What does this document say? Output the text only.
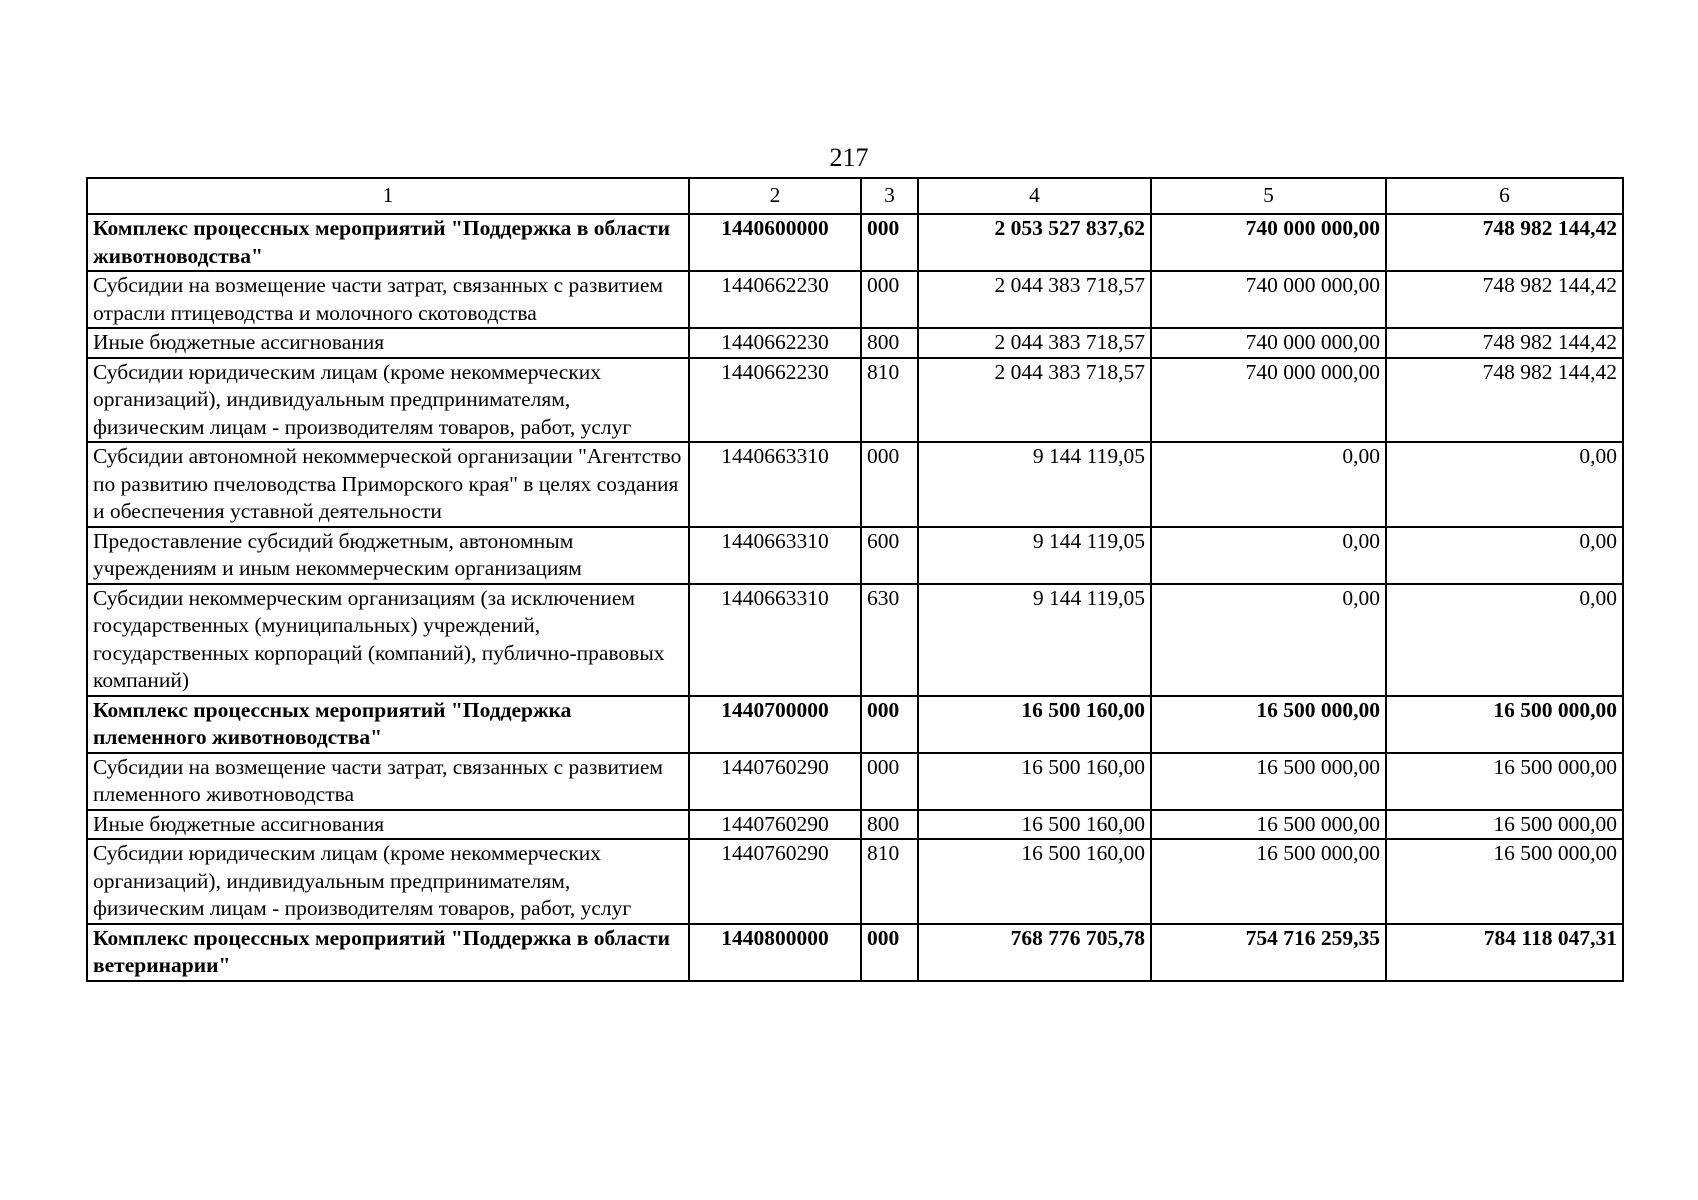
217
1	2	3	4	5	6
Комплекс процессных мероприятий "Поддержка в области животноводства"	1440600000	000	2 053 527 837,62	740 000 000,00	748 982 144,42
Субсидии на возмещение части затрат, связанных с развитием отрасли птицеводства и молочного скотоводства	1440662230	000	2 044 383 718,57	740 000 000,00	748 982 144,42
Иные бюджетные ассигнования	1440662230	800	2 044 383 718,57	740 000 000,00	748 982 144,42
Субсидии юридическим лицам (кроме некоммерческих организаций), индивидуальным предпринимателям, физическим лицам - производителям товаров, работ, услуг	1440662230	810	2 044 383 718,57	740 000 000,00	748 982 144,42
Субсидии автономной некоммерческой организации "Агентство по развитию пчеловодства Приморского края" в целях создания и обеспечения уставной деятельности	1440663310	000	9 144 119,05	0,00	0,00
Предоставление субсидий бюджетным, автономным учреждениям и иным некоммерческим организациям	1440663310	600	9 144 119,05	0,00	0,00
Субсидии некоммерческим организациям (за исключением государственных (муниципальных) учреждений, государственных корпораций (компаний), публично-правовых компаний)	1440663310	630	9 144 119,05	0,00	0,00
Комплекс процессных мероприятий "Поддержка племенного животноводства"	1440700000	000	16 500 160,00	16 500 000,00	16 500 000,00
Субсидии на возмещение части затрат, связанных с развитием племенного животноводства	1440760290	000	16 500 160,00	16 500 000,00	16 500 000,00
Иные бюджетные ассигнования	1440760290	800	16 500 160,00	16 500 000,00	16 500 000,00
Субсидии юридическим лицам (кроме некоммерческих организаций), индивидуальным предпринимателям, физическим лицам - производителям товаров, работ, услуг	1440760290	810	16 500 160,00	16 500 000,00	16 500 000,00
Комплекс процессных мероприятий "Поддержка в области ветеринарии"	1440800000	000	768 776 705,78	754 716 259,35	784 118 047,31
